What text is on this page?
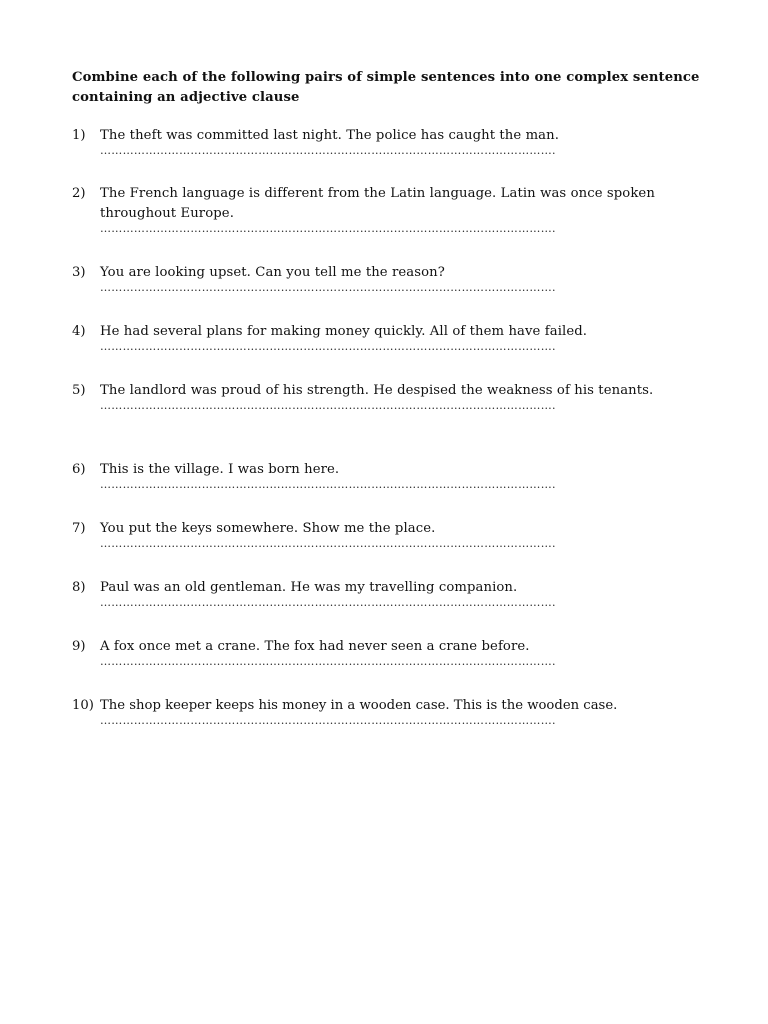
Combine each of the following pairs of simple sentences into one complex sentence containing an adjective clause

1) The theft was committed last night. The police has caught the man.
………………………………………………………………………………………………………….
2) The French language is different from the Latin language. Latin was once spoken throughout Europe.
………………………………………………………………………………………………………….
3) You are looking upset. Can you tell me the reason?
………………………………………………………………………………………………………….
4) He had several plans for making money quickly. All of them have failed.
………………………………………………………………………………………………………….
5) The landlord was proud of his strength. He despised the weakness of his tenants.
………………………………………………………………………………………………………….
6) This is the village. I was born here.
………………………………………………………………………………………………………….
7) You put the keys somewhere. Show me the place.
………………………………………………………………………………………………………….
8) Paul was an old gentleman. He was my travelling companion.
………………………………………………………………………………………………………….
9) A fox once met a crane. The fox had never seen a crane before.
………………………………………………………………………………………………………….
10) The shop keeper keeps his money in a wooden case. This is the wooden case.
………………………………………………………………………………………………………….
